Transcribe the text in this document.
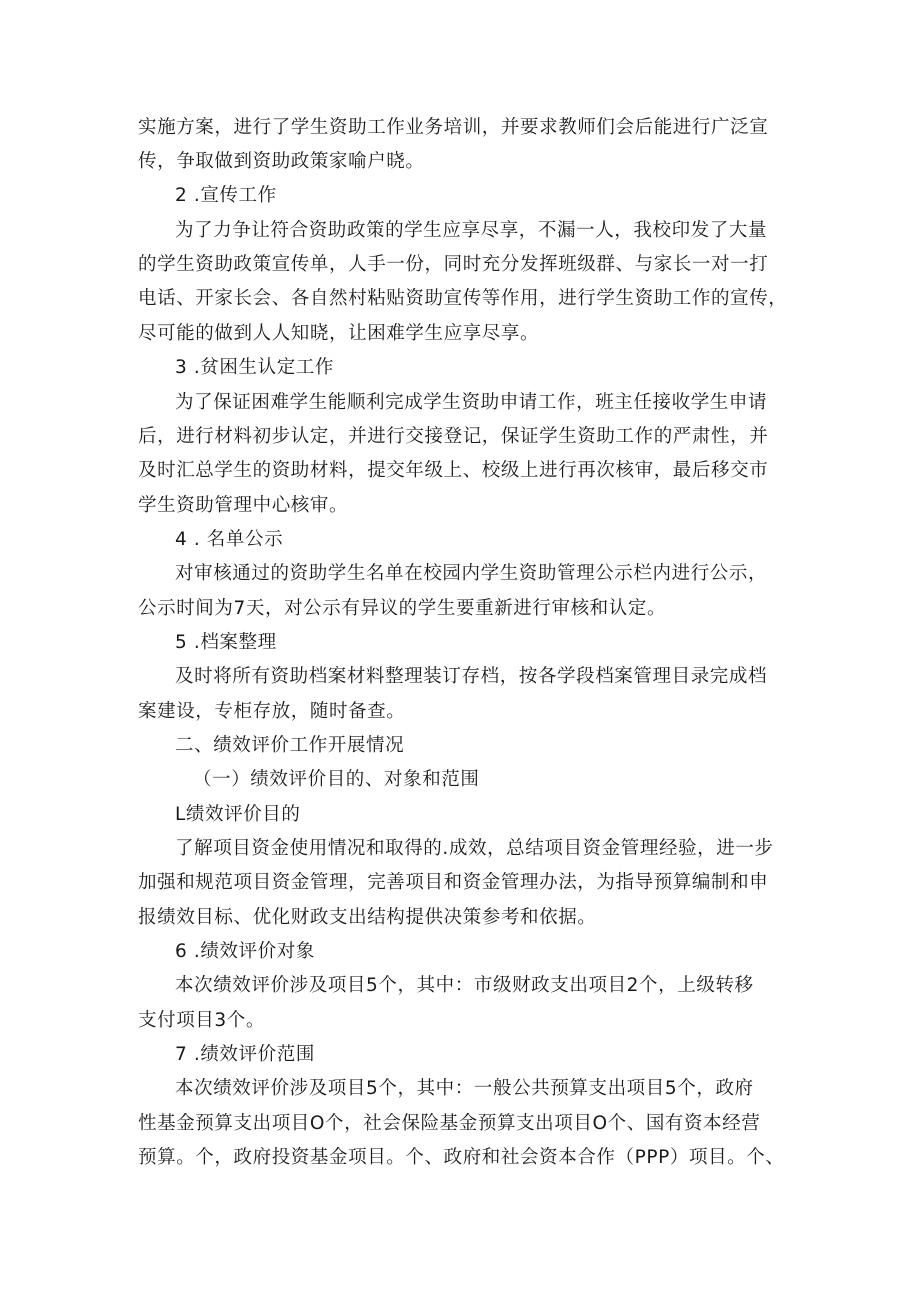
实施方案，进行了学生资助工作业务培训，并要求教师们会后能进行广泛宣
传，争取做到资助政策家喻户晓。
2 .宣传工作
为了力争让符合资助政策的学生应享尽享，不漏一人，我校印发了大量
的学生资助政策宣传单，人手一份，同时充分发挥班级群、与家长一对一打
电话、开家长会、各自然村粘贴资助宣传等作用，进行学生资助工作的宣传，
尽可能的做到人人知晓，让困难学生应享尽享。
3 .贫困生认定工作
为了保证困难学生能顺利完成学生资助申请工作，班主任接收学生申请
后，进行材料初步认定，并进行交接登记，保证学生资助工作的严肃性，并
及时汇总学生的资助材料，提交年级上、校级上进行再次核审，最后移交市
学生资助管理中心核审。
4 . 名单公示
对审核通过的资助学生名单在校园内学生资助管理公示栏内进行公示，
公示时间为7天，对公示有异议的学生要重新进行审核和认定。
5 .档案整理
及时将所有资助档案材料整理装订存档，按各学段档案管理目录完成档
案建设，专柜存放，随时备查。
二、绩效评价工作开展情况
（一）绩效评价目的、对象和范围
L绩效评价目的
了解项目资金使用情况和取得的.成效，总结项目资金管理经验，进一步
加强和规范项目资金管理，完善项目和资金管理办法，为指导预算编制和申
报绩效目标、优化财政支出结构提供决策参考和依据。
6 .绩效评价对象
本次绩效评价涉及项目5个，其中：市级财政支出项目2个，上级转移
支付项目3个。
7 .绩效评价范围
本次绩效评价涉及项目5个，其中：一般公共预算支出项目5个，政府
性基金预算支出项目O个，社会保险基金预算支出项目O个、国有资本经营
预算。个，政府投资基金项目。个、政府和社会资本合作（PPP）项目。个、
